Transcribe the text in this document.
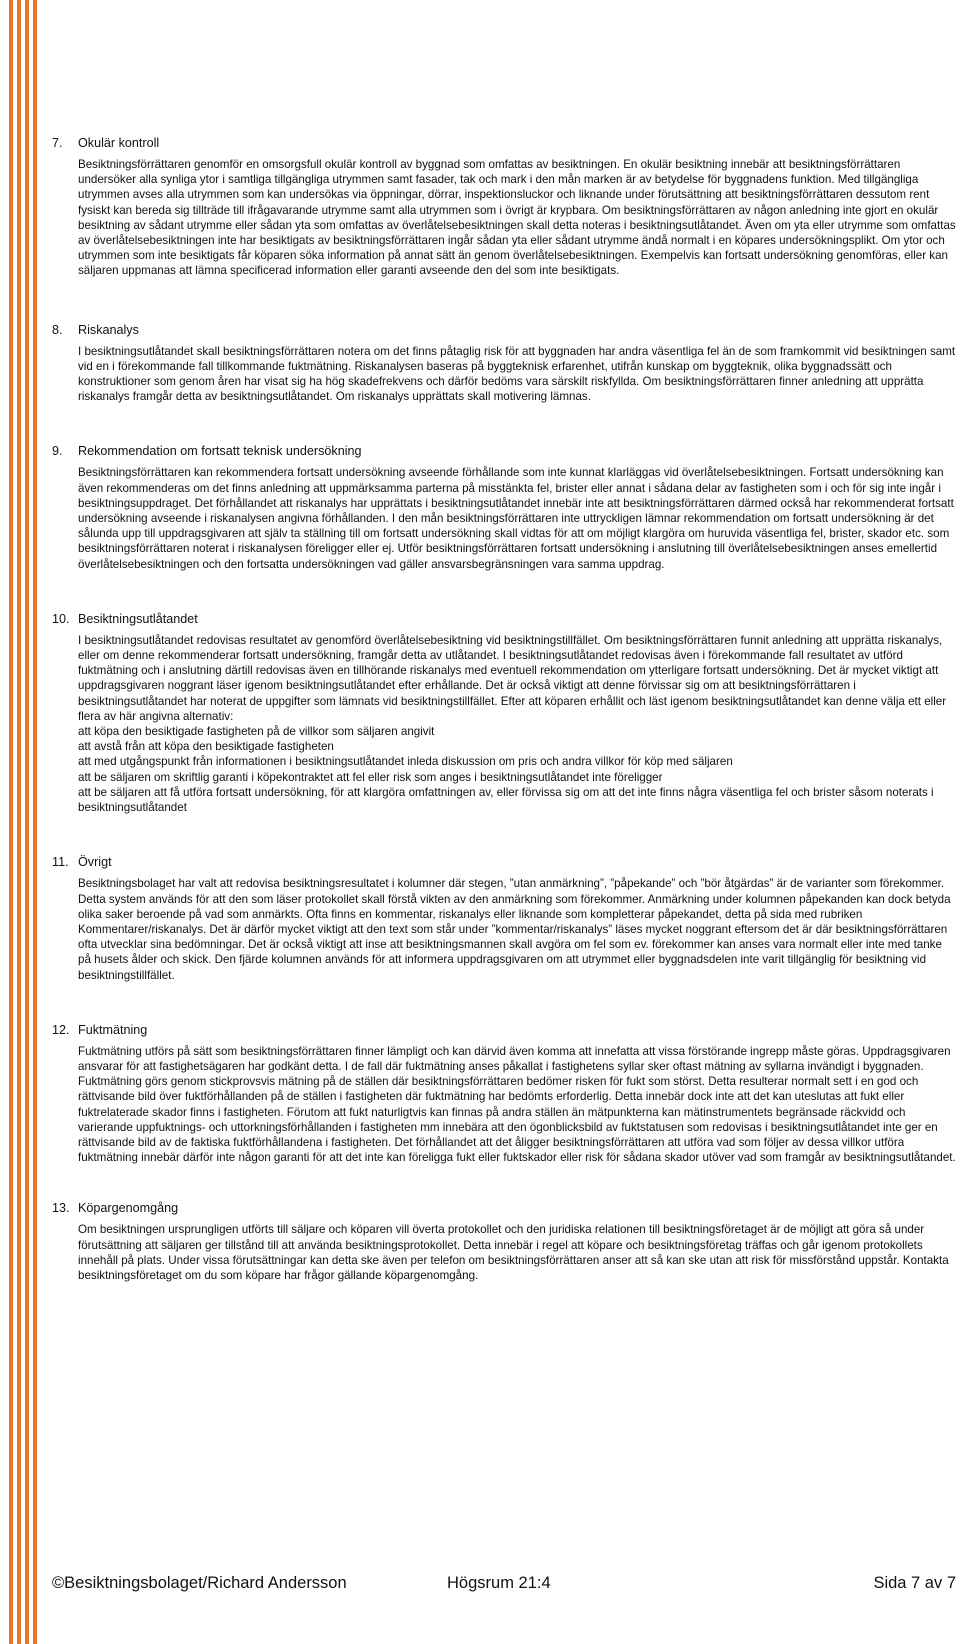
7.	Okulär kontroll

Besiktningsförrättaren genomför en omsorgsfull okulär kontroll av byggnad som omfattas av besiktningen. En okulär besiktning innebär att besiktningsförrättaren undersöker alla synliga ytor i samtliga tillgängliga utrymmen samt fasader, tak och mark i den mån marken är av betydelse för byggnadens funktion. Med tillgängliga utrymmen avses alla utrymmen som kan undersökas via öppningar, dörrar, inspektionsluckor och liknande under förutsättning att besiktningsförrättaren dessutom rent fysiskt kan bereda sig tillträde till ifrågavarande utrymme samt alla utrymmen som i övrigt är krypbara. Om besiktningsförrättaren av någon anledning inte gjort en okulär besiktning av sådant utrymme eller sådan yta som omfattas av överlåtelsebesiktningen skall detta noteras i besiktningsutlåtandet. Även om yta eller utrymme som omfattas av överlåtelsebesiktningen inte har besiktigats av besiktningsförrättaren ingår sådan yta eller sådant utrymme ändå normalt i en köpares undersökningsplikt. Om ytor och utrymmen som inte besiktigats får köparen söka information på annat sätt än genom överlåtelsebesiktningen. Exempelvis kan fortsatt undersökning genomföras, eller kan säljaren uppmanas att lämna specificerad information eller garanti avseende den del som inte besiktigats.

8.	Riskanalys

I besiktningsutlåtandet skall besiktningsförrättaren notera om det finns påtaglig risk för att byggnaden har andra väsentliga fel än de som framkommit vid besiktningen samt vid en i förekommande fall tillkommande fuktmätning. Riskanalysen baseras på byggteknisk erfarenhet, utifrån kunskap om byggteknik, olika byggnadssätt och konstruktioner som genom åren har visat sig ha hög skadefrekvens och därför bedöms vara särskilt riskfyllda. Om besiktningsförrättaren finner anledning att upprätta riskanalys framgår detta av besiktningsutlåtandet. Om riskanalys upprättats skall motivering lämnas.

9.	Rekommendation om fortsatt teknisk undersökning

Besiktningsförrättaren kan rekommendera fortsatt undersökning avseende förhållande som inte kunnat klarläggas vid överlåtelsebesiktningen. Fortsatt undersökning kan även rekommenderas om det finns anledning att uppmärksamma parterna på misstänkta fel, brister eller annat i sådana delar av fastigheten som i och för sig inte ingår i besiktningsuppdraget. Det förhållandet att riskanalys har upprättats i besiktningsutlåtandet innebär inte att besiktningsförrättaren därmed också har rekommenderat fortsatt undersökning avseende i riskanalysen angivna förhållanden. I den mån besiktningsförrättaren inte uttryckligen lämnar rekommendation om fortsatt undersökning är det sålunda upp till uppdragsgivaren att själv ta ställning till om fortsatt undersökning skall vidtas för att om möjligt klargöra om huruvida väsentliga fel, brister, skador etc. som besiktningsförrättaren noterat i riskanalysen föreligger eller ej. Utför besiktningsförrättaren fortsatt undersökning i anslutning till överlåtelsebesiktningen anses emellertid överlåtelsebesiktningen och den fortsatta undersökningen vad gäller ansvarsbegränsningen vara samma uppdrag.

10. Besiktningsutlåtandet

I besiktningsutlåtandet redovisas resultatet av genomförd överlåtelsebesiktning vid besiktningstillfället. Om besiktningsförrättaren funnit anledning att upprätta riskanalys, eller om denne rekommenderar fortsatt undersökning, framgår detta av utlåtandet. I besiktningsutlåtandet redovisas även i förekommande fall resultatet av utförd fuktmätning och i anslutning därtill redovisas även en tillhörande riskanalys med eventuell rekommendation om ytterligare fortsatt undersökning. Det är mycket viktigt att uppdragsgivaren noggrant läser igenom besiktningsutlåtandet efter erhållande. Det är också viktigt att denne förvissar sig om att besiktningsförrättaren i besiktningsutlåtandet har noterat de uppgifter som lämnats vid besiktningstillfället. Efter att köparen erhållit och läst igenom besiktningsutlåtandet kan denne välja ett eller flera av här angivna alternativ:

att köpa den besiktigade fastigheten på de villkor som säljaren angivit

att avstå från att köpa den besiktigade fastigheten

att med utgångspunkt från informationen i besiktningsutlåtandet inleda diskussion om pris och andra villkor för köp med säljaren

att be säljaren om skriftlig garanti i köpekontraktet att fel eller risk som anges i besiktningsutlåtandet inte föreligger

att be säljaren att få utföra fortsatt undersökning, för att klargöra omfattningen av, eller förvissa sig om att det inte finns några väsentliga fel och brister såsom noterats i besiktningsutlåtandet

11. Övrigt

Besiktningsbolaget har valt att redovisa besiktningsresultatet i kolumner där stegen, ”utan anmärkning”, ”påpekande” och ”bör åtgärdas” är de varianter som förekommer. Detta system används för att den som läser protokollet skall förstå vikten av den anmärkning som förekommer. Anmärkning under kolumnen påpekanden kan dock betyda olika saker beroende på vad som anmärkts. Ofta finns en kommentar, riskanalys eller liknande som kompletterar påpekandet, detta på sida med rubriken Kommentarer/riskanalys. Det är därför mycket viktigt att den text som står under ”kommentar/riskanalys” läses mycket noggrant eftersom det är där besiktningsförrättaren ofta utvecklar sina bedömningar. Det är också viktigt att inse att besiktningsmannen skall avgöra om fel som ev. förekommer kan anses vara normalt eller inte med tanke på husets ålder och skick. Den fjärde kolumnen används för att informera uppdragsgivaren om att utrymmet eller byggnadsdelen inte varit tillgänglig för besiktning vid besiktningstillfället.

12. Fuktmätning

Fuktmätning utförs på sätt som besiktningsförrättaren finner lämpligt och kan därvid även komma att innefatta att vissa förstörande ingrepp måste göras. Uppdragsgivaren ansvarar för att fastighetsägaren har godkänt detta. I de fall där fuktmätning anses påkallat i fastighetens syllar sker oftast mätning av syllarna invändigt i byggnaden. Fuktmätning görs genom stickprovsvis mätning på de ställen där besiktningsförrättaren bedömer risken för fukt som störst. Detta resulterar normalt sett i en god och rättvisande bild över fuktförhållanden på de ställen i fastigheten där fuktmätning har bedömts erforderlig. Detta innebär dock inte att det kan uteslutas att fukt eller fuktrelaterade skador finns i fastigheten. Förutom att fukt naturligtvis kan finnas på andra ställen än mätpunkterna kan mätinstrumentets begränsade räckvidd och varierande uppfuktnings- och uttorkningsförhållanden i fastigheten mm innebära att den ögonblicksbild av fuktstatusen som redovisas i besiktningsutlåtandet inte ger en rättvisande bild av de faktiska fuktförhållandena i fastigheten. Det förhållandet att det åligger besiktningsförrättaren att utföra vad som följer av dessa villkor utföra fuktmätning innebär därför inte någon garanti för att det inte kan föreligga fukt eller fuktskador eller risk för sådana skador utöver vad som framgår av besiktningsutlåtandet.

13. Köpargenomgång

Om besiktningen ursprungligen utförts till säljare och köparen vill överta protokollet och den juridiska relationen till besiktningsföretaget är de möjligt att göra så under förutsättning att säljaren ger tillstånd till att använda besiktningsprotokollet. Detta innebär i regel att köpare och besiktningsföretag träffas och går igenom protokollets innehåll på plats. Under vissa förutsättningar kan detta ske även per telefon om besiktningsförrättaren anser att så kan ske utan att risk för missförstånd uppstår. Kontakta besiktningsföretaget om du som köpare har frågor gällande köpargenomgång.

©Besiktningsbolaget/Richard Andersson	Högsrum 21:4	Sida 7 av 7
